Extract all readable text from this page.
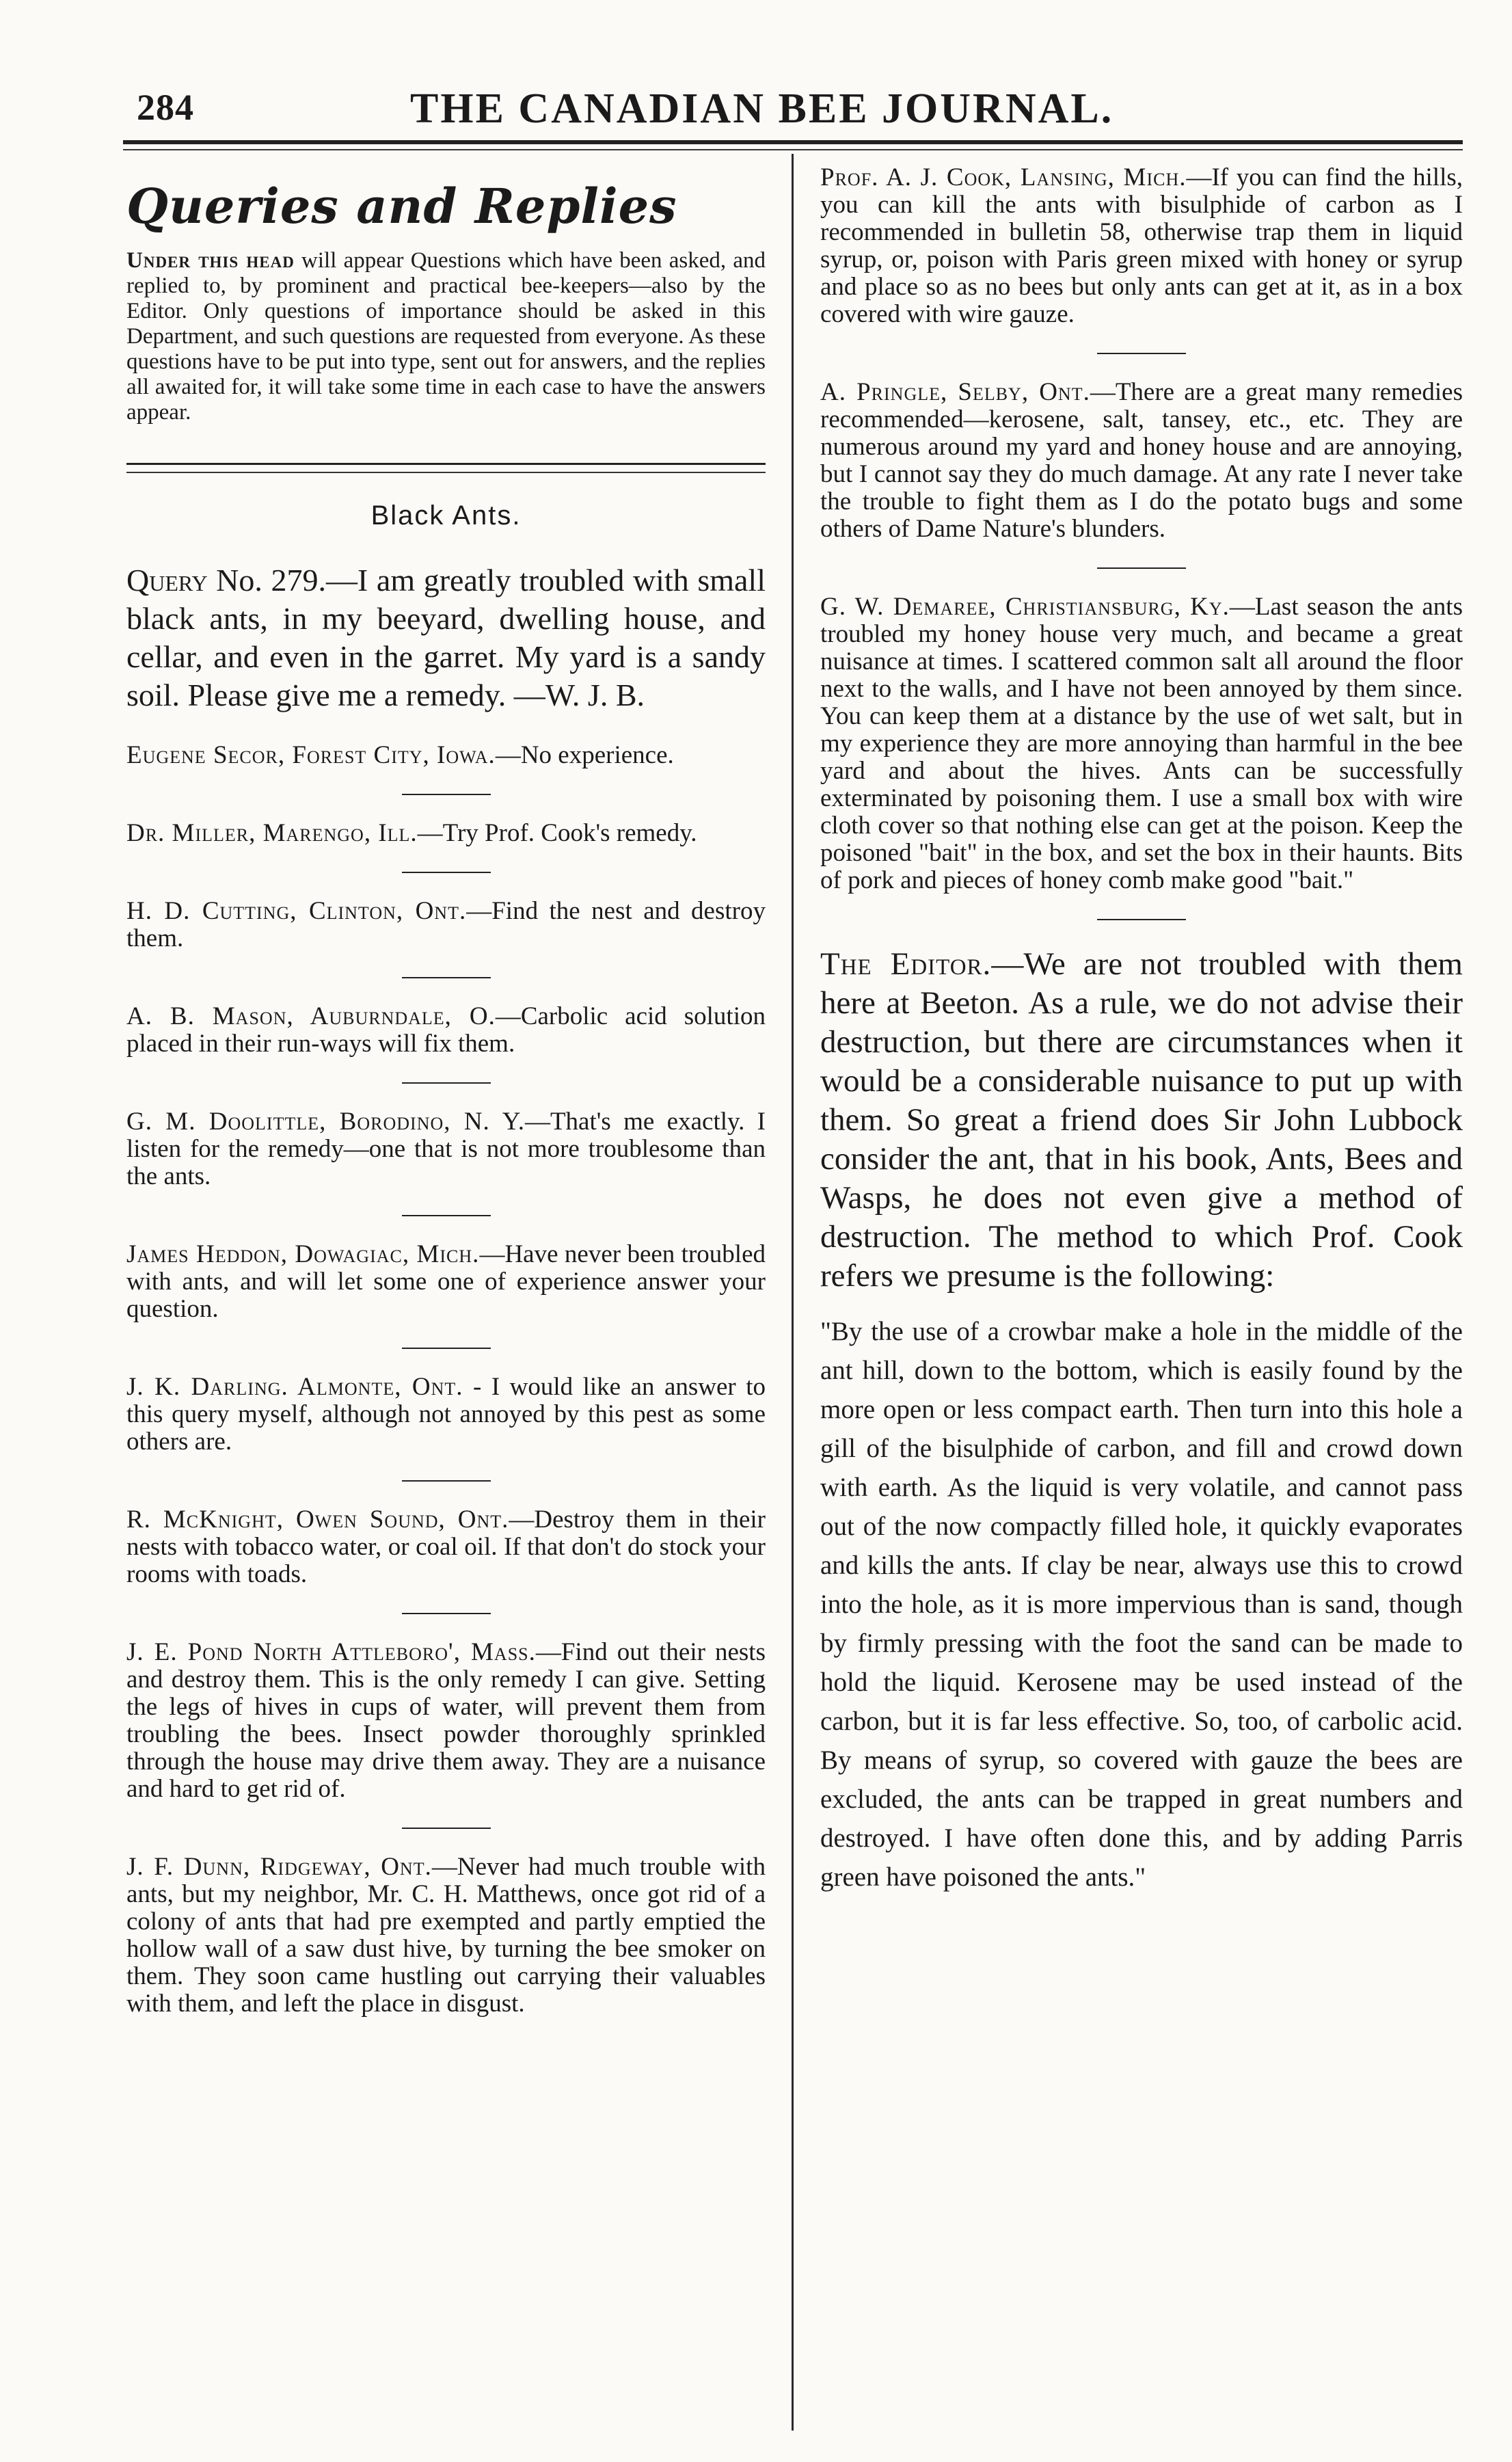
284	THE CANADIAN BEE JOURNAL.
Queries and Replies

Under this head will appear Questions which have been asked, and replied to, by prominent and practical bee-keepers—also by the Editor. Only questions of importance should be asked in this Department, and such questions are requested from everyone. As these questions have to be put into type, sent out for answers, and the replies all awaited for, it will take some time in each case to have the answers appear.

Black Ants.

Query No. 279.—I am greatly troubled with small black ants, in my beeyard, dwelling house, and cellar, and even in the garret. My yard is a sandy soil. Please give me a remedy. —W. J. B.

Eugene Secor, Forest City, Iowa.—No experience.

Dr. Miller, Marengo, Ill.—Try Prof. Cook's remedy.

H. D. Cutting, Clinton, Ont.—Find the nest and destroy them.

A. B. Mason, Auburndale, O.—Carbolic acid solution placed in their run-ways will fix them.

G. M. Doolittle, Borodino, N. Y.—That's me exactly. I listen for the remedy—one that is not more troublesome than the ants.

James Heddon, Dowagiac, Mich.—Have never been troubled with ants, and will let some one of experience answer your question.

J. K. Darling. Almonte, Ont. - I would like an answer to this query myself, although not annoyed by this pest as some others are.

R. McKnight, Owen Sound, Ont.—Destroy them in their nests with tobacco water, or coal oil. If that don't do stock your rooms with toads.

J. E. Pond North Attleboro', Mass.—Find out their nests and destroy them. This is the only remedy I can give. Setting the legs of hives in cups of water, will prevent them from troubling the bees. Insect powder thoroughly sprinkled through the house may drive them away. They are a nuisance and hard to get rid of.

J. F. Dunn, Ridgeway, Ont.—Never had much trouble with ants, but my neighbor, Mr. C. H. Matthews, once got rid of a colony of ants that had pre exempted and partly emptied the hollow wall of a saw dust hive, by turning the bee smoker on them. They soon came hustling out carrying their valuables with them, and left the place in disgust.

Prof. A. J. Cook, Lansing, Mich.—If you can find the hills, you can kill the ants with bisulphide of carbon as I recommended in bulletin 58, otherwise trap them in liquid syrup, or, poison with Paris green mixed with honey or syrup and place so as no bees but only ants can get at it, as in a box covered with wire gauze.

A. Pringle, Selby, Ont.—There are a great many remedies recommended—kerosene, salt, tansey, etc., etc. They are numerous around my yard and honey house and are annoying, but I cannot say they do much damage. At any rate I never take the trouble to fight them as I do the potato bugs and some others of Dame Nature's blunders.

G. W. Demaree, Christiansburg, Ky.—Last season the ants troubled my honey house very much, and became a great nuisance at times. I scattered common salt all around the floor next to the walls, and I have not been annoyed by them since. You can keep them at a distance by the use of wet salt, but in my experience they are more annoying than harmful in the bee yard and about the hives. Ants can be successfully exterminated by poisoning them. I use a small box with wire cloth cover so that nothing else can get at the poison. Keep the poisoned "bait" in the box, and set the box in their haunts. Bits of pork and pieces of honey comb make good "bait."

The Editor.—We are not troubled with them here at Beeton. As a rule, we do not advise their destruction, but there are circumstances when it would be a considerable nuisance to put up with them. So great a friend does Sir John Lubbock consider the ant, that in his book, Ants, Bees and Wasps, he does not even give a method of destruction. The method to which Prof. Cook refers we presume is the following:

"By the use of a crowbar make a hole in the middle of the ant hill, down to the bottom, which is easily found by the more open or less compact earth. Then turn into this hole a gill of the bisulphide of carbon, and fill and crowd down with earth. As the liquid is very volatile, and cannot pass out of the now compactly filled hole, it quickly evaporates and kills the ants. If clay be near, always use this to crowd into the hole, as it is more impervious than is sand, though by firmly pressing with the foot the sand can be made to hold the liquid. Kerosene may be used instead of the carbon, but it is far less effective. So, too, of carbolic acid. By means of syrup, so covered with gauze the bees are excluded, the ants can be trapped in great numbers and destroyed. I have often done this, and by adding Parris green have poisoned the ants."
